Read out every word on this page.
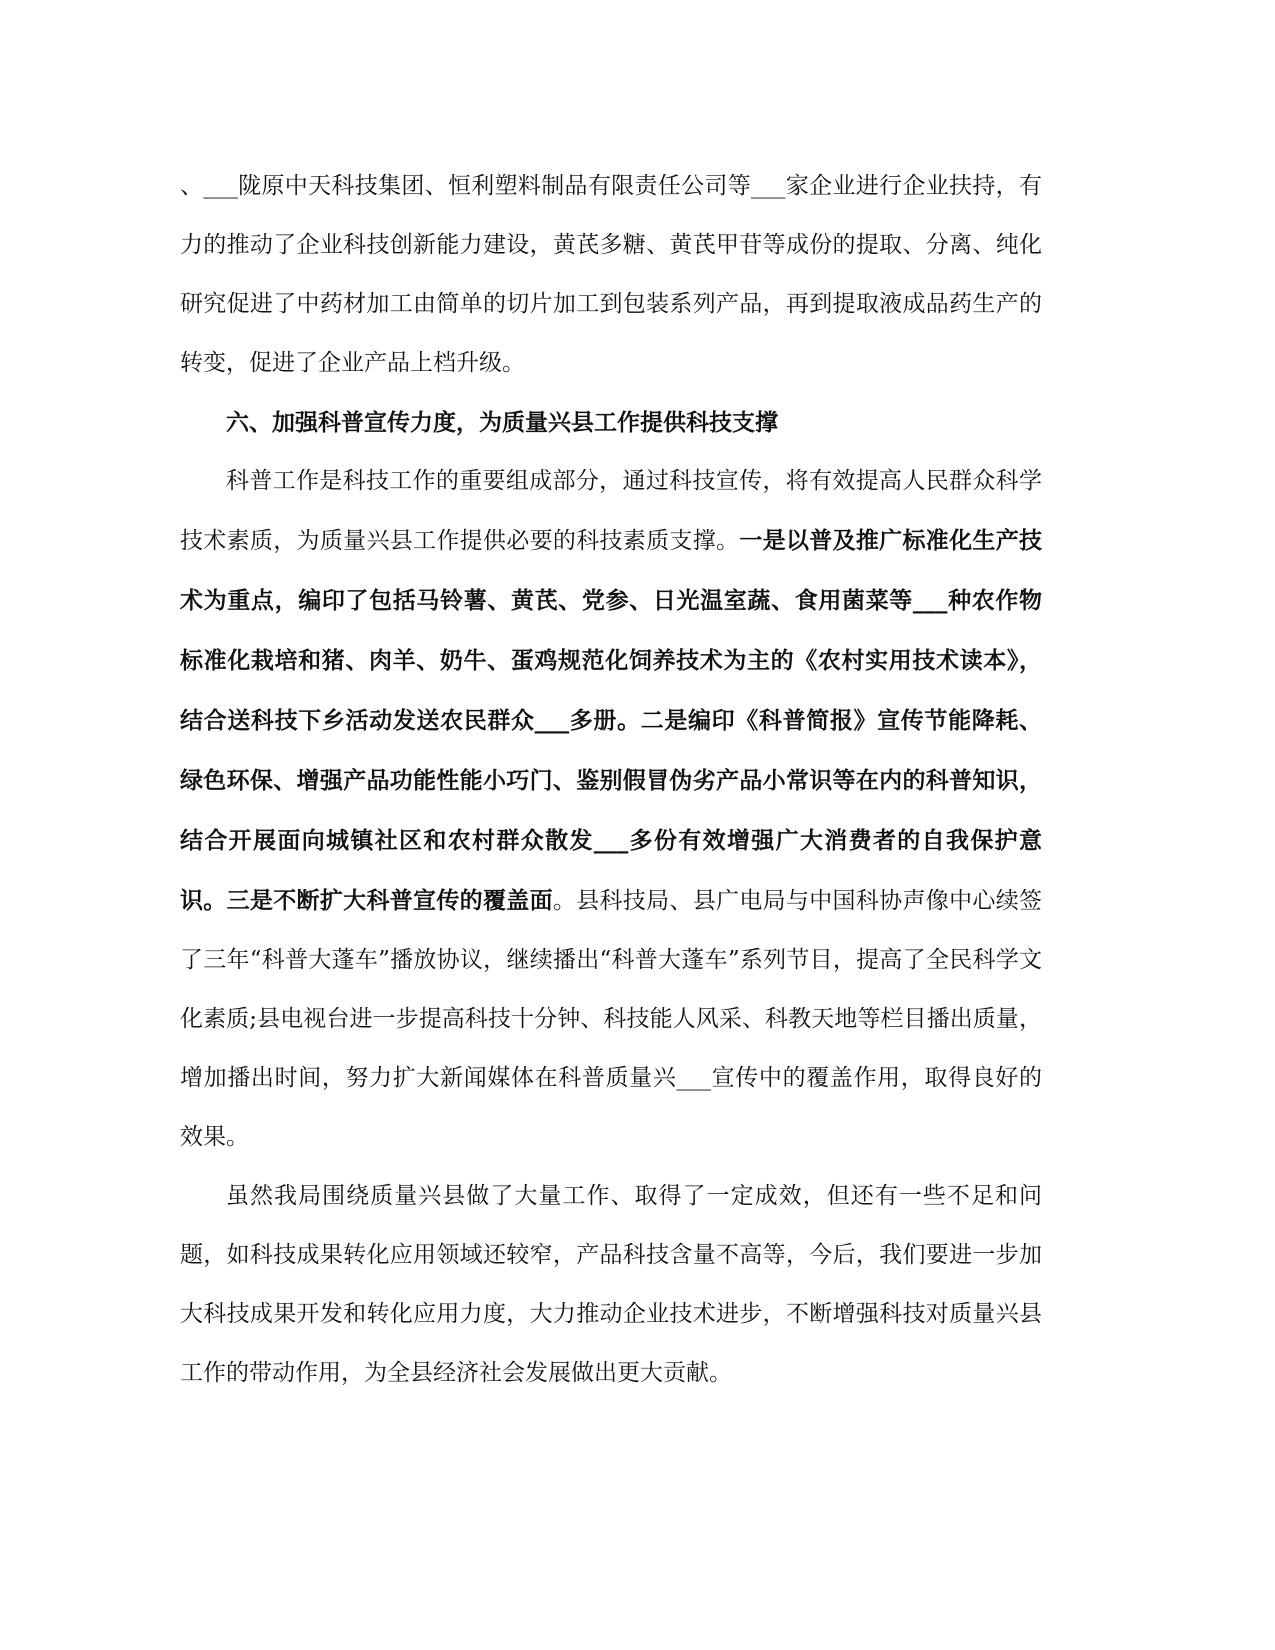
、___陇原中天科技集团、恒利塑料制品有限责任公司等___家企业进行企业扶持，有力的推动了企业科技创新能力建设，黄芪多糖、黄芪甲苷等成份的提取、分离、纯化研究促进了中药材加工由简单的切片加工到包装系列产品，再到提取液成品药生产的转变，促进了企业产品上档升级。

六、加强科普宣传力度，为质量兴县工作提供科技支撑

科普工作是科技工作的重要组成部分，通过科技宣传，将有效提高人民群众科学技术素质，为质量兴县工作提供必要的科技素质支撑。一是以普及推广标准化生产技术为重点，编印了包括马铃薯、黄芪、党参、日光温室蔬、食用菌菜等___种农作物标准化栽培和猪、肉羊、奶牛、蛋鸡规范化饲养技术为主的《农村实用技术读本》，结合送科技下乡活动发送农民群众___多册。二是编印《科普简报》宣传节能降耗、绿色环保、增强产品功能性能小巧门、鉴别假冒伪劣产品小常识等在内的科普知识，结合开展面向城镇社区和农村群众散发___多份有效增强广大消费者的自我保护意识。三是不断扩大科普宣传的覆盖面。县科技局、县广电局与中国科协声像中心续签了三年“科普大蓬车”播放协议，继续播出“科普大蓬车”系列节目，提高了全民科学文化素质;县电视台进一步提高科技十分钟、科技能人风采、科教天地等栏目播出质量，增加播出时间，努力扩大新闻媒体在科普质量兴___宣传中的覆盖作用，取得良好的效果。

虽然我局围绕质量兴县做了大量工作、取得了一定成效，但还有一些不足和问题，如科技成果转化应用领域还较窄，产品科技含量不高等，今后，我们要进一步加大科技成果开发和转化应用力度，大力推动企业技术进步，不断增强科技对质量兴县工作的带动作用，为全县经济社会发展做出更大贡献。
